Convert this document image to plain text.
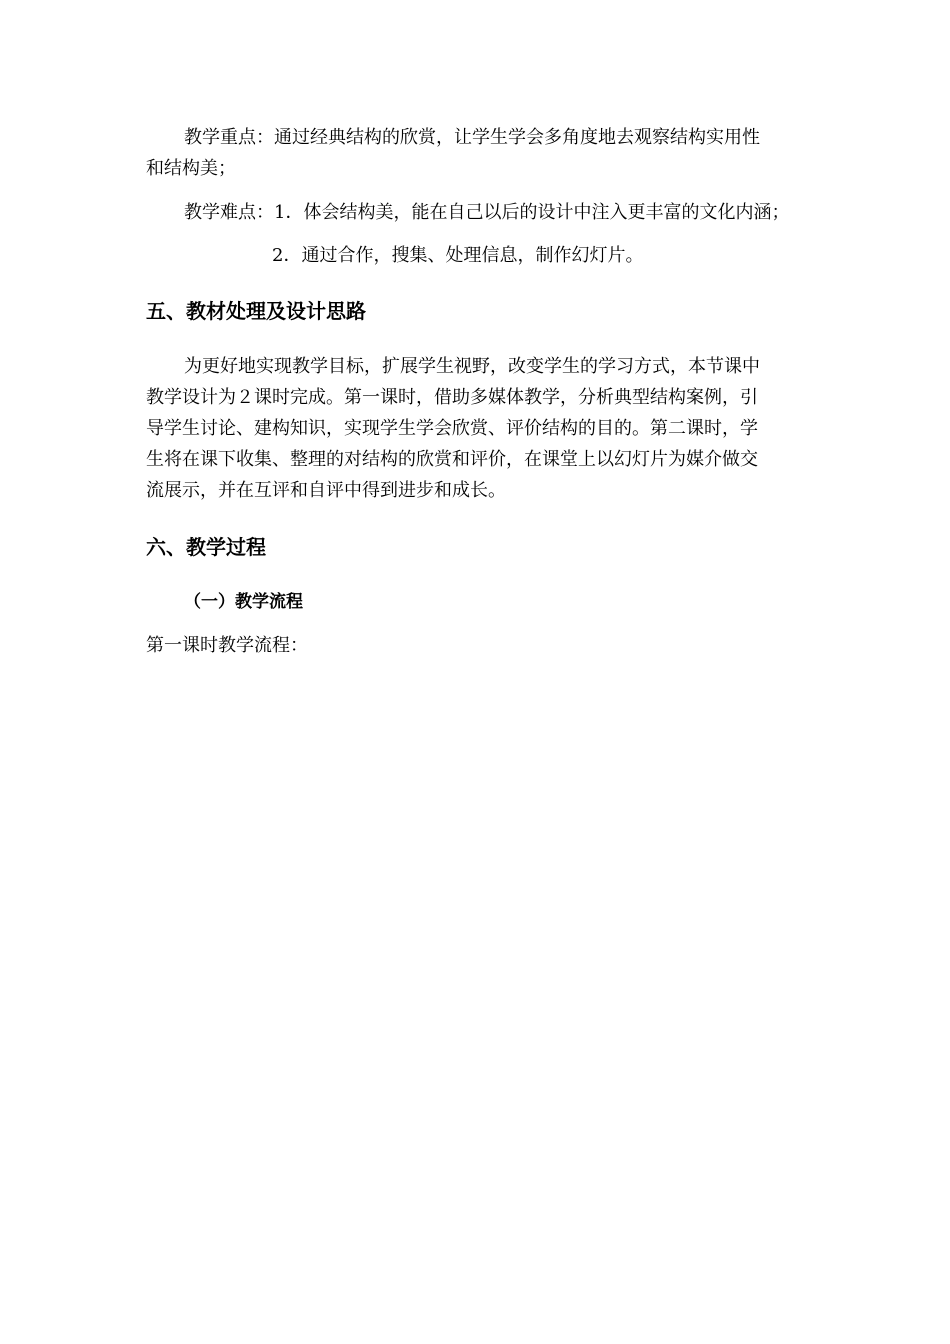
教学重点：通过经典结构的欣赏，让学生学会多角度地去观察结构实用性
和结构美；
教学难点：1．体会结构美，能在自己以后的设计中注入更丰富的文化内涵；
2．通过合作，搜集、处理信息，制作幻灯片。
五、教材处理及设计思路
为更好地实现教学目标，扩展学生视野，改变学生的学习方式，本节课中
教学设计为２课时完成。第一课时，借助多媒体教学，分析典型结构案例，引
导学生讨论、建构知识，实现学生学会欣赏、评价结构的目的。第二课时，学
生将在课下收集、整理的对结构的欣赏和评价，在课堂上以幻灯片为媒介做交
流展示，并在互评和自评中得到进步和成长。
六、教学过程
（一）教学流程
第一课时教学流程：
